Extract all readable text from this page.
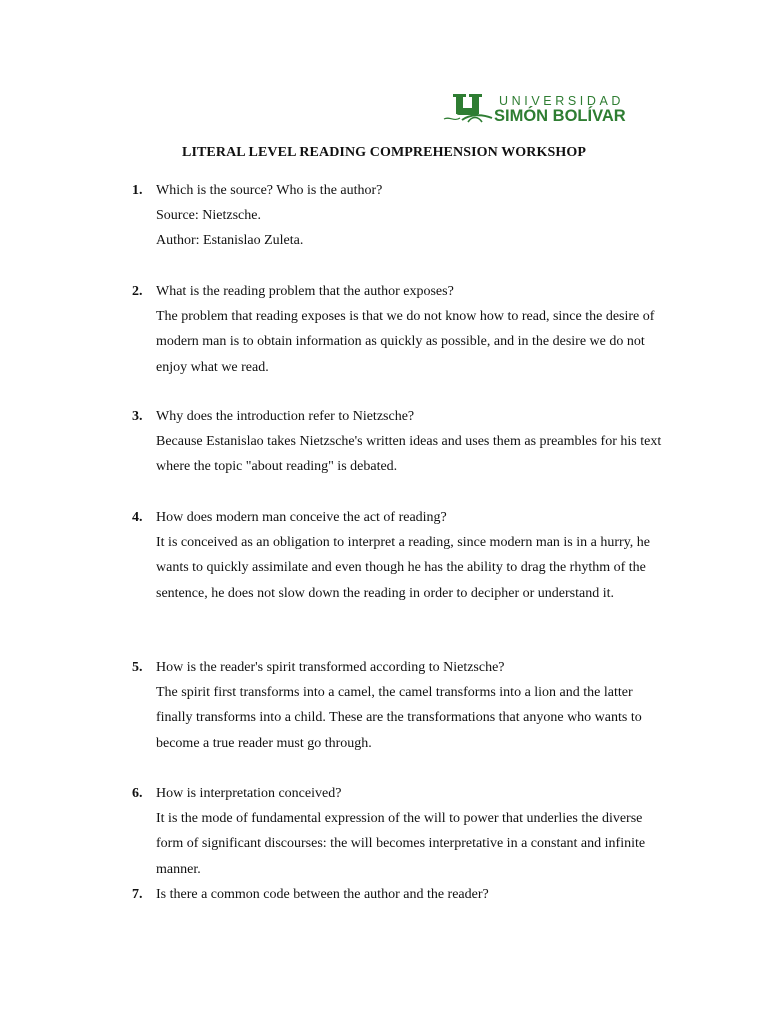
UNIVERSIDAD
SIMÓN BOLÍVAR
LITERAL LEVEL READING COMPREHENSION WORKSHOP
1. Which is the source? Who is the author?
Source: Nietzsche.
Author: Estanislao Zuleta.
2. What is the reading problem that the author exposes?
The problem that reading exposes is that we do not know how to read, since the desire of modern man is to obtain information as quickly as possible, and in the desire we do not enjoy what we read.
3. Why does the introduction refer to Nietzsche?
Because Estanislao takes Nietzsche's written ideas and uses them as preambles for his text where the topic "about reading" is debated.
4. How does modern man conceive the act of reading?
It is conceived as an obligation to interpret a reading, since modern man is in a hurry, he wants to quickly assimilate and even though he has the ability to drag the rhythm of the sentence, he does not slow down the reading in order to decipher or understand it.
5. How is the reader's spirit transformed according to Nietzsche?
The spirit first transforms into a camel, the camel transforms into a lion and the latter finally transforms into a child. These are the transformations that anyone who wants to become a true reader must go through.
6. How is interpretation conceived?
It is the mode of fundamental expression of the will to power that underlies the diverse form of significant discourses: the will becomes interpretative in a constant and infinite manner.
7. Is there a common code between the author and the reader?
